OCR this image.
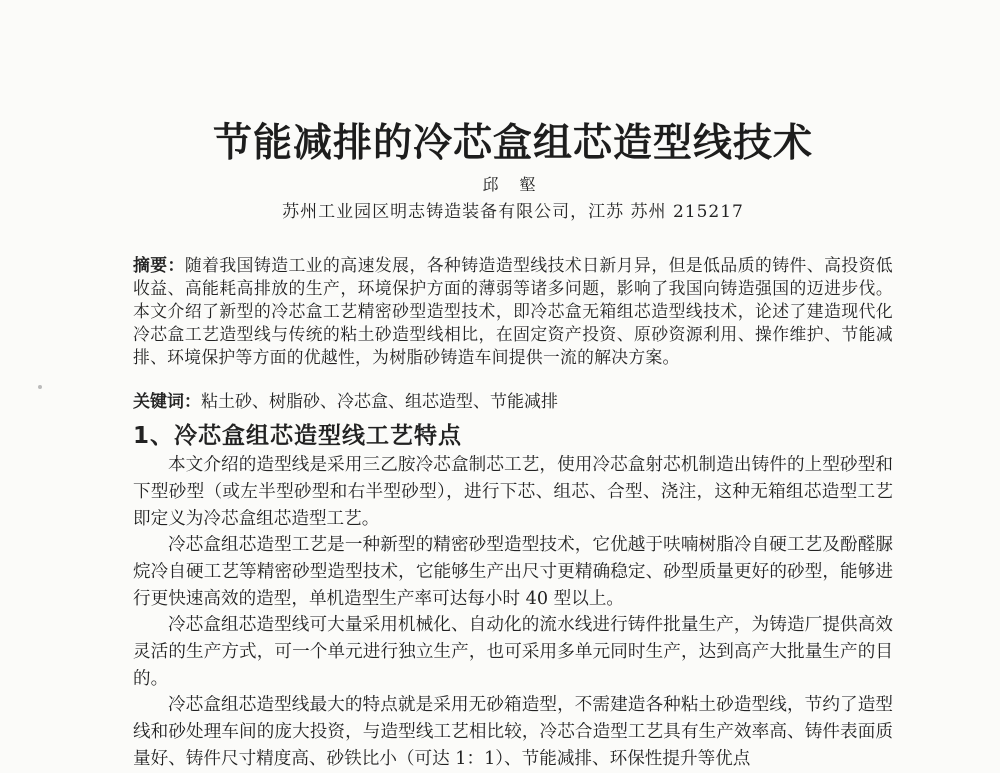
节能减排的冷芯盒组芯造型线技术
邱 壑
苏州工业园区明志铸造装备有限公司，江苏 苏州 215217
摘要：随着我国铸造工业的高速发展，各种铸造造型线技术日新月异，但是低品质的铸件、高投资低收益、高能耗高排放的生产，环境保护方面的薄弱等诸多问题，影响了我国向铸造强国的迈进步伐。本文介绍了新型的冷芯盒工艺精密砂型造型技术，即冷芯盒无箱组芯造型线技术，论述了建造现代化冷芯盒工艺造型线与传统的粘土砂造型线相比，在固定资产投资、原砂资源利用、操作维护、节能减排、环境保护等方面的优越性，为树脂砂铸造车间提供一流的解决方案。
关键词：粘土砂、树脂砂、冷芯盒、组芯造型、节能减排
1、冷芯盒组芯造型线工艺特点

本文介绍的造型线是采用三乙胺冷芯盒制芯工艺，使用冷芯盒射芯机制造出铸件的上型砂型和下型砂型（或左半型砂型和右半型砂型），进行下芯、组芯、合型、浇注，这种无箱组芯造型工艺即定义为冷芯盒组芯造型工艺。

冷芯盒组芯造型工艺是一种新型的精密砂型造型技术，它优越于呋喃树脂冷自硬工艺及酚醛脲烷冷自硬工艺等精密砂型造型技术，它能够生产出尺寸更精确稳定、砂型质量更好的砂型，能够进行更快速高效的造型，单机造型生产率可达每小时 40 型以上。

冷芯盒组芯造型线可大量采用机械化、自动化的流水线进行铸件批量生产，为铸造厂提供高效灵活的生产方式，可一个单元进行独立生产，也可采用多单元同时生产，达到高产大批量生产的目的。

冷芯盒组芯造型线最大的特点就是采用无砂箱造型，不需建造各种粘土砂造型线，节约了造型线和砂处理车间的庞大投资，与造型线工艺相比较，冷芯合造型工艺具有生产效率高、铸件表面质量好、铸件尺寸精度高、砂铁比小（可达 1：1）、节能减排、环保性提升等优点
